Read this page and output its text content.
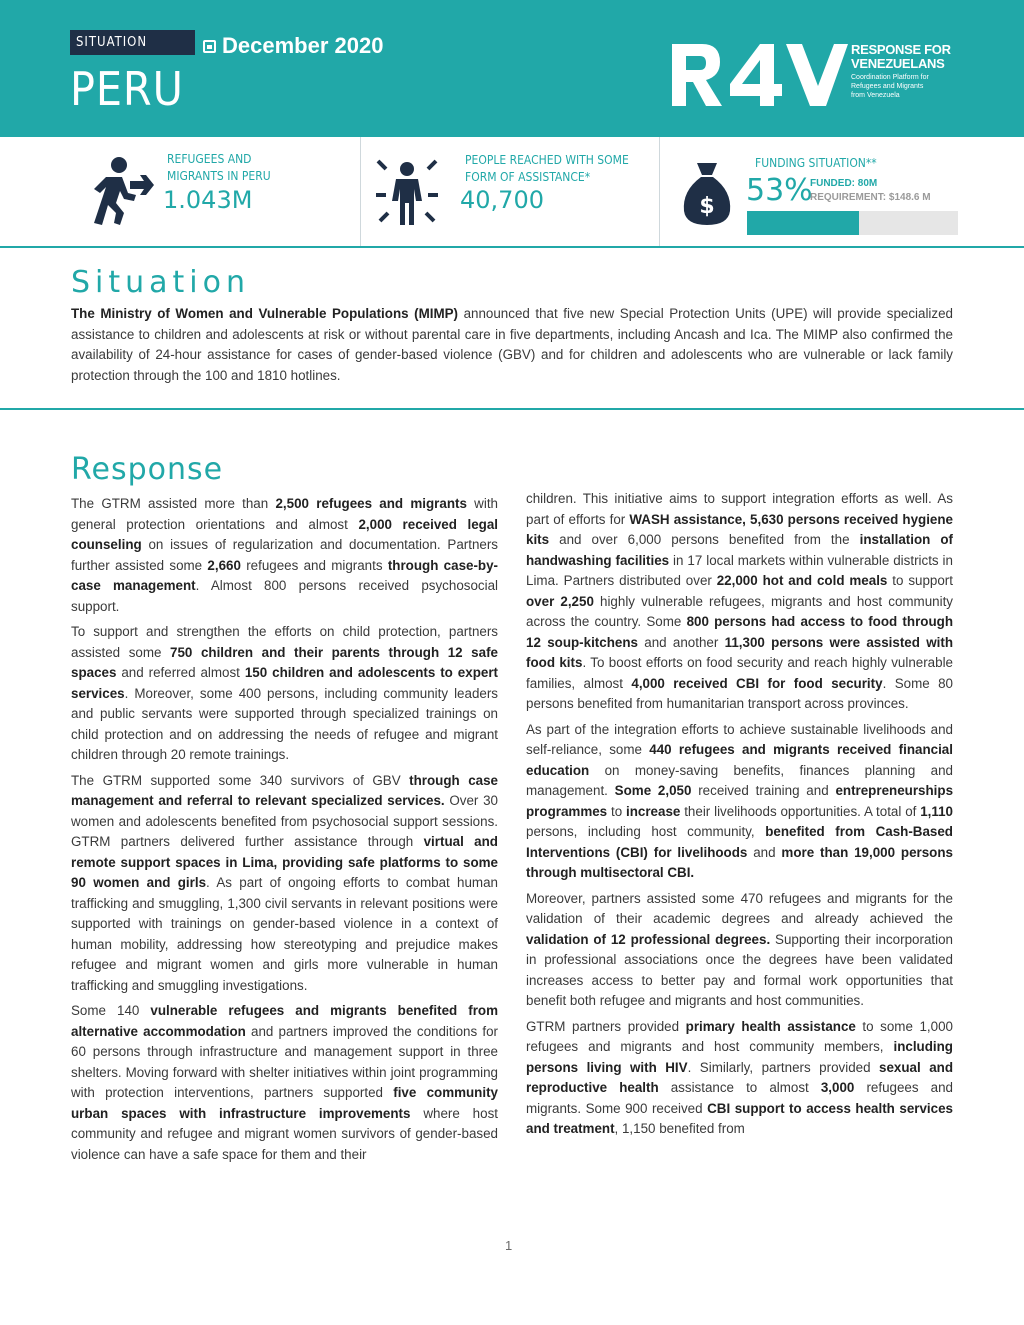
SITUATION	December 2020
PERU
RESPONSE FOR
VENEZUELANS
Coordination Platform for
Refugees and Migrants
from Venezuela
REFUGEES AND
MIGRANTS IN PERU
1.043M
PEOPLE REACHED WITH SOME
FORM OF ASSISTANCE*
40,700	$
FUNDING SITUATION**
53%
FUNDED: 80M
REQUIREMENT: $148.6 M
Situation
The Ministry of Women and Vulnerable Populations (MIMP) announced that five new Special Protection Units (UPE) will provide specialized assistance to children and adolescents at risk or without parental care in five departments, including Ancash and Ica. The MIMP also confirmed the availability of 24-hour assistance for cases of gender-based violence (GBV) and for children and adolescents who are vulnerable or lack family protection through the 100 and 1810 hotlines.
Response

The GTRM assisted more than 2,500 refugees and migrants with general protection orientations and almost 2,000 received legal counseling on issues of regularization and documentation. Partners further assisted some 2,660 refugees and migrants through case-by-case management. Almost 800 persons received psychosocial support.

To support and strengthen the efforts on child protection, partners assisted some 750 children and their parents through 12 safe spaces and referred almost 150 children and adolescents to expert services. Moreover, some 400 persons, including community leaders and public servants were supported through specialized trainings on child protection and on addressing the needs of refugee and migrant children through 20 remote trainings.

The GTRM supported some 340 survivors of GBV through case management and referral to relevant specialized services. Over 30 women and adolescents benefited from psychosocial support sessions. GTRM partners delivered further assistance through virtual and remote support spaces in Lima, providing safe platforms to some 90 women and girls. As part of ongoing efforts to combat human trafficking and smuggling, 1,300 civil servants in relevant positions were supported with trainings on gender-based violence in a context of human mobility, addressing how stereotyping and prejudice makes refugee and migrant women and girls more vulnerable in human trafficking and smuggling investigations.

Some 140 vulnerable refugees and migrants benefited from alternative accommodation and partners improved the conditions for 60 persons through infrastructure and management support in three shelters. Moving forward with shelter initiatives within joint programming with protection interventions, partners supported five community urban spaces with infrastructure improvements where host community and refugee and migrant women survivors of gender-based violence can have a safe space for them and their

children. This initiative aims to support integration efforts as well. As part of efforts for WASH assistance, 5,630 persons received hygiene kits and over 6,000 persons benefited from the installation of handwashing facilities in 17 local markets within vulnerable districts in Lima. Partners distributed over 22,000 hot and cold meals to support over 2,250 highly vulnerable refugees, migrants and host community across the country. Some 800 persons had access to food through 12 soup-kitchens and another 11,300 persons were assisted with food kits. To boost efforts on food security and reach highly vulnerable families, almost 4,000 received CBI for food security. Some 80 persons benefited from humanitarian transport across provinces.

As part of the integration efforts to achieve sustainable livelihoods and self-reliance, some 440 refugees and migrants received financial education on money-saving benefits, finances planning and management. Some 2,050 received training and entrepreneurships programmes to increase their livelihoods opportunities. A total of 1,110 persons, including host community, benefited from Cash-Based Interventions (CBI) for livelihoods and more than 19,000 persons through multisectoral CBI.

Moreover, partners assisted some 470 refugees and migrants for the validation of their academic degrees and already achieved the validation of 12 professional degrees. Supporting their incorporation in professional associations once the degrees have been validated increases access to better pay and formal work opportunities that benefit both refugee and migrants and host communities.

GTRM partners provided primary health assistance to some 1,000 refugees and migrants and host community members, including persons living with HIV. Similarly, partners provided sexual and reproductive health assistance to almost 3,000 refugees and migrants. Some 900 received CBI support to access health services and treatment, 1,150 benefited from

1
